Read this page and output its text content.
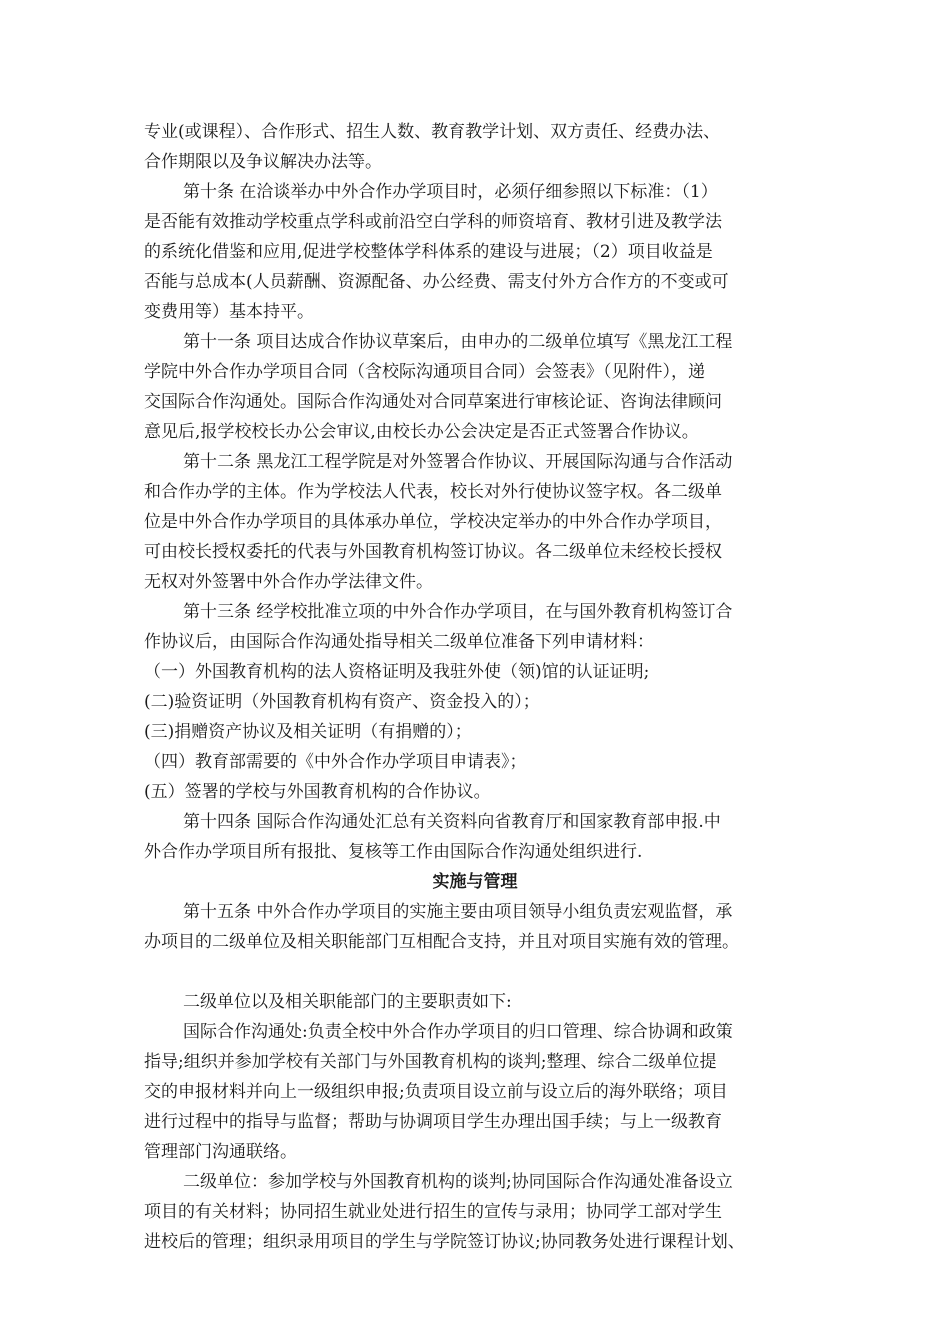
专业(或课程）、合作形式、招生人数、教育教学计划、双方责任、经费办法、
合作期限以及争议解决办法等。
第十条 在洽谈举办中外合作办学项目时，必须仔细参照以下标准：（1）
是否能有效推动学校重点学科或前沿空白学科的师资培育、教材引进及教学法
的系统化借鉴和应用,促进学校整体学科体系的建设与进展；（2）项目收益是
否能与总成本(人员薪酬、资源配备、办公经费、需支付外方合作方的不变或可
变费用等）基本持平。
第十一条 项目达成合作协议草案后，由申办的二级单位填写《黑龙江工程
学院中外合作办学项目合同（含校际沟通项目合同）会签表》（见附件），递
交国际合作沟通处。国际合作沟通处对合同草案进行审核论证、咨询法律顾问
意见后,报学校校长办公会审议,由校长办公会决定是否正式签署合作协议。
第十二条 黑龙江工程学院是对外签署合作协议、开展国际沟通与合作活动
和合作办学的主体。作为学校法人代表，校长对外行使协议签字权。各二级单
位是中外合作办学项目的具体承办单位，学校决定举办的中外合作办学项目，
可由校长授权委托的代表与外国教育机构签订协议。各二级单位未经校长授权
无权对外签署中外合作办学法律文件。
第十三条 经学校批准立项的中外合作办学项目，在与国外教育机构签订合
作协议后，由国际合作沟通处指导相关二级单位准备下列申请材料：
（一）外国教育机构的法人资格证明及我驻外使（领)馆的认证证明;
(二)验资证明（外国教育机构有资产、资金投入的）；
(三)捐赠资产协议及相关证明（有捐赠的）；
（四）教育部需要的《中外合作办学项目申请表》；
(五）签署的学校与外国教育机构的合作协议。
第十四条 国际合作沟通处汇总有关资料向省教育厅和国家教育部申报.中
外合作办学项目所有报批、复核等工作由国际合作沟通处组织进行.
实施与管理
第十五条 中外合作办学项目的实施主要由项目领导小组负责宏观监督，承
办项目的二级单位及相关职能部门互相配合支持，并且对项目实施有效的管理。
二级单位以及相关职能部门的主要职责如下:
国际合作沟通处:负责全校中外合作办学项目的归口管理、综合协调和政策
指导;组织并参加学校有关部门与外国教育机构的谈判;整理、综合二级单位提
交的申报材料并向上一级组织申报;负责项目设立前与设立后的海外联络；项目
进行过程中的指导与监督；帮助与协调项目学生办理出国手续；与上一级教育
管理部门沟通联络。
二级单位：参加学校与外国教育机构的谈判;协同国际合作沟通处准备设立
项目的有关材料；协同招生就业处进行招生的宣传与录用；协同学工部对学生
进校后的管理；组织录用项目的学生与学院签订协议;协同教务处进行课程计划、
